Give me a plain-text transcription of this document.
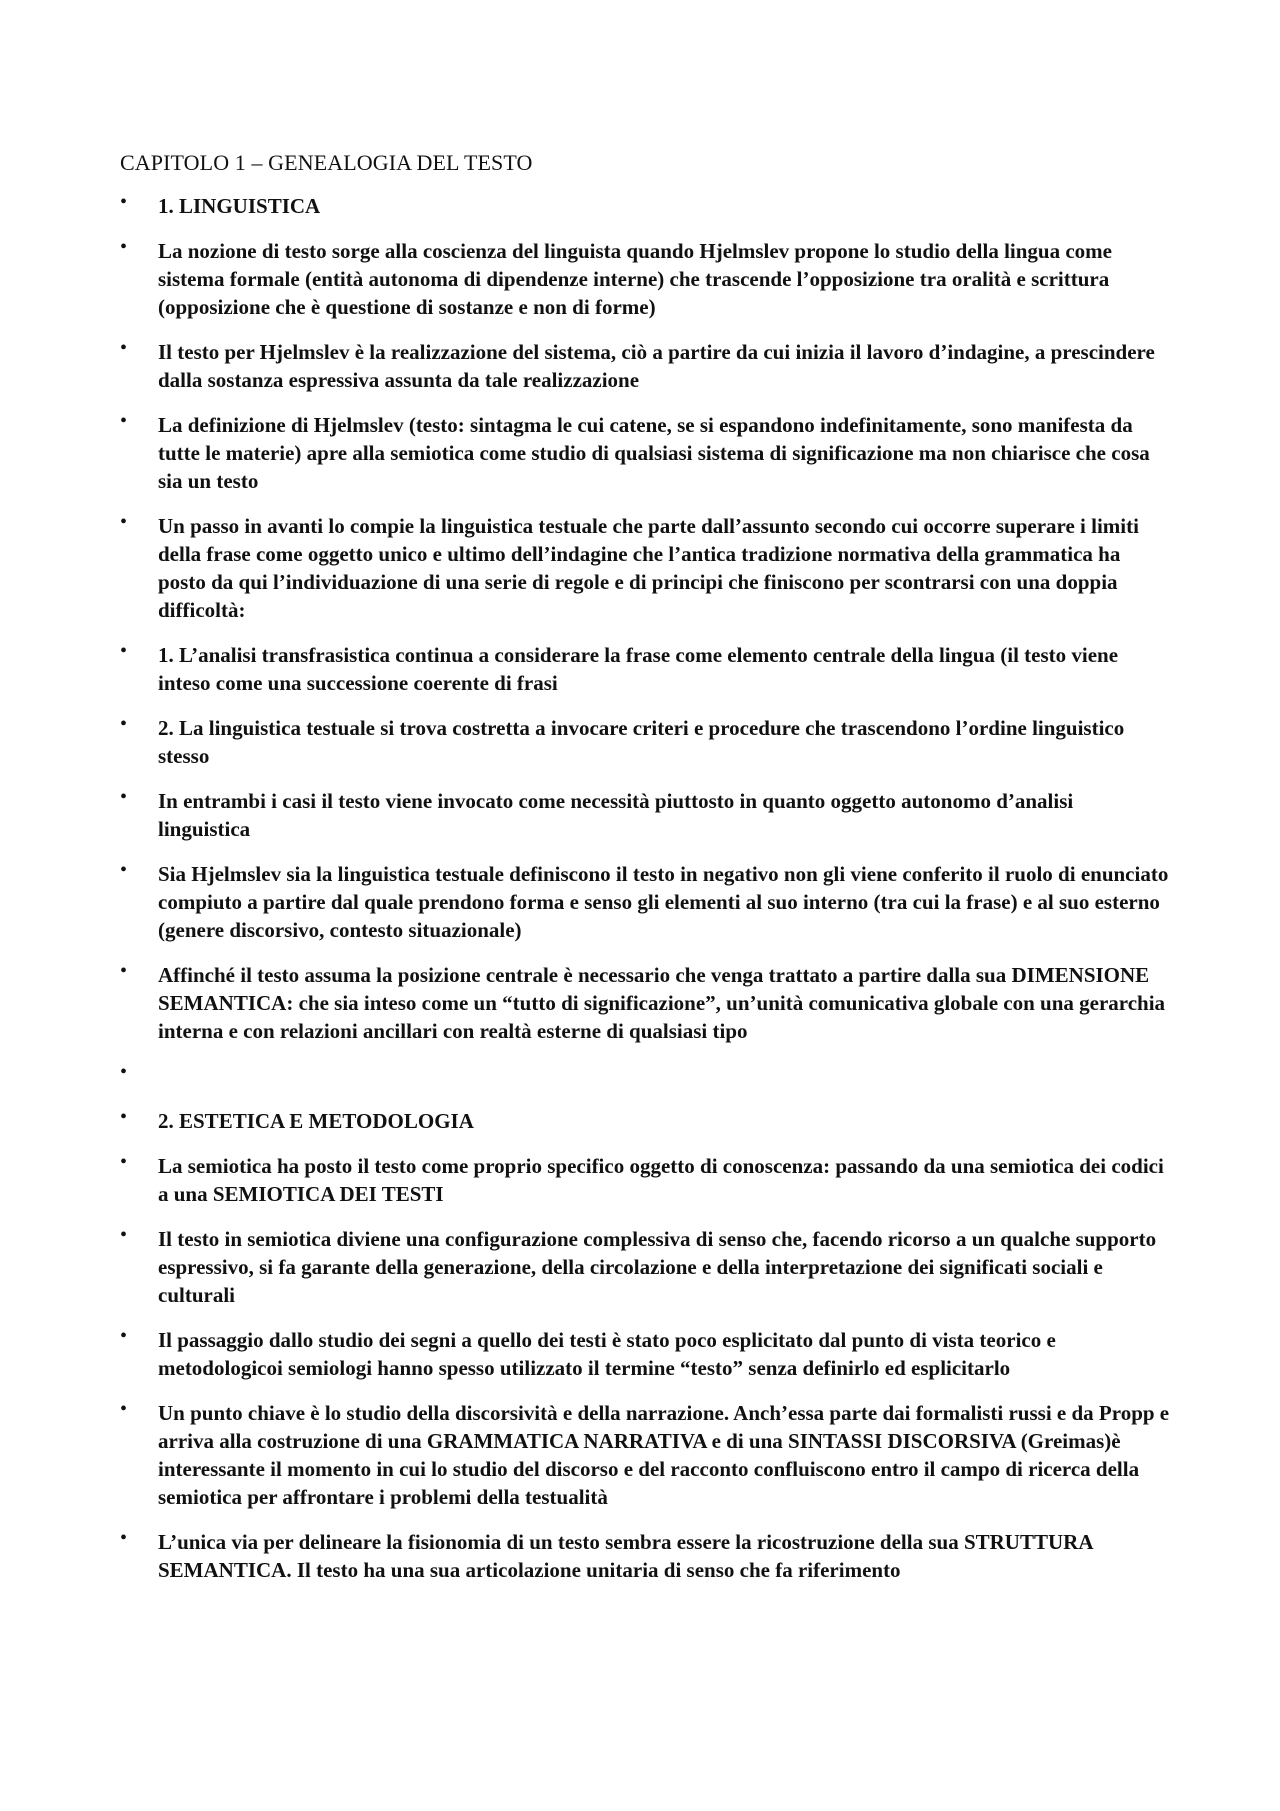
CAPITOLO 1 – GENEALOGIA DEL TESTO
• 1. LINGUISTICA
• La nozione di testo sorge alla coscienza del linguista quando Hjelmslev propone lo studio della lingua come sistema formale (entità autonoma di dipendenze interne) che trascende l’opposizione tra oralità e scrittura (opposizione che è questione di sostanze e non di forme)
• Il testo per Hjelmslev è la realizzazione del sistema, ciò a partire da cui inizia il lavoro d’indagine, a prescindere dalla sostanza espressiva assunta da tale realizzazione
• La definizione di Hjelmslev (testo: sintagma le cui catene, se si espandono indefinitamente, sono manifesta da tutte le materie) apre alla semiotica come studio di qualsiasi sistema di significazione ma non chiarisce che cosa sia un testo
• Un passo in avanti lo compie la linguistica testuale che parte dall’assunto secondo cui occorre superare i limiti della frase come oggetto unico e ultimo dell’indagine che l’antica tradizione normativa della grammatica ha posto da qui l’individuazione di una serie di regole e di principi che finiscono per scontrarsi con una doppia difficoltà:
• 1. L’analisi transfrasistica continua a considerare la frase come elemento centrale della lingua (il testo viene inteso come una successione coerente di frasi
• 2. La linguistica testuale si trova costretta a invocare criteri e procedure che trascendono l’ordine linguistico stesso
• In entrambi i casi il testo viene invocato come necessità piuttosto in quanto oggetto autonomo d’analisi linguistica
• Sia Hjelmslev sia la linguistica testuale definiscono il testo in negativo non gli viene conferito il ruolo di enunciato compiuto a partire dal quale prendono forma e senso gli elementi al suo interno (tra cui la frase) e al suo esterno (genere discorsivo, contesto situazionale)
• Affinché il testo assuma la posizione centrale è necessario che venga trattato a partire dalla sua DIMENSIONE SEMANTICA: che sia inteso come un “tutto di significazione”, un’unità comunicativa globale con una gerarchia interna e con relazioni ancillari con realtà esterne di qualsiasi tipo
•
• 2. ESTETICA E METODOLOGIA
• La semiotica ha posto il testo come proprio specifico oggetto di conoscenza: passando da una semiotica dei codici a una SEMIOTICA DEI TESTI
• Il testo in semiotica diviene una configurazione complessiva di senso che, facendo ricorso a un qualche supporto espressivo, si fa garante della generazione, della circolazione e della interpretazione dei significati sociali e culturali
• Il passaggio dallo studio dei segni a quello dei testi è stato poco esplicitato dal punto di vista teorico e metodologicoi semiologi hanno spesso utilizzato il termine “testo” senza definirlo ed esplicitarlo
• Un punto chiave è lo studio della discorsività e della narrazione. Anch’essa parte dai formalisti russi e da Propp e arriva alla costruzione di una GRAMMATICA NARRATIVA e di una SINTASSI DISCORSIVA (Greimas)è interessante il momento in cui lo studio del discorso e del racconto confluiscono entro il campo di ricerca della semiotica per affrontare i problemi della testualità
• L’unica via per delineare la fisionomia di un testo sembra essere la ricostruzione della sua STRUTTURA SEMANTICA. Il testo ha una sua articolazione unitaria di senso che fa riferimento
